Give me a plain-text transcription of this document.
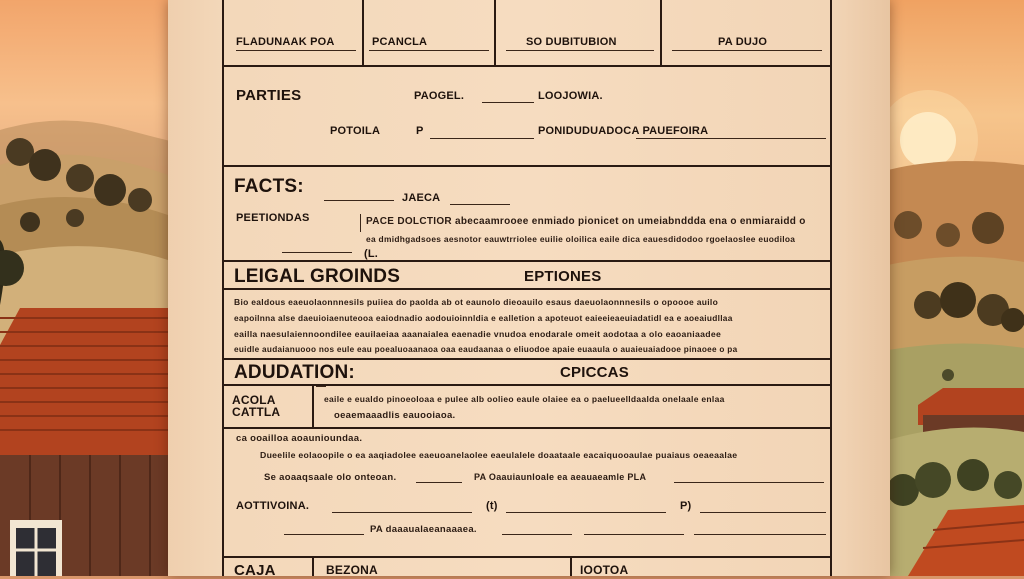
FLADUNAAK POA	PCANCLA	SO DUBITUBION	PA DUJO
PARTIES	PAOGEL.	LOOJOWIA.
POTOILA	P	PONIDUDUADOCA PAUEFOIRA
FACTS:
JAECA
PEETIONDAS	PACE DOLCTIOR abecaamrooee enmiado pionicet on umeiabnddda ena o enmiaraidd o
ea dmidhgadsoes aesnotor eauwtrriolee euilie oloilica eaile dica eauesdidodoo rgoelaoslee euodiloa
(L.
LEIGAL GROINDS	EPTIONES
Bio ealdous eaeuolaonnnesils puiiea do paolda ab ot eaunolo dieoauilo esaus daeuolaonnnesils o opoooe auilo
eapoilnna alse daeuioiaenuteooa eaiodnadio aodouioinnldia e ealletion a apoteuot eaieeieaeuiadatidl ea e aoeaiudllaa
eailla naesulaiennoondilee eauilaeiaa aaanaialea eaenadie vnudoa enodarale omeit aodotaa a olo eaoaniaadee
euidle audaianuooo nos eule eau poealuoaanaoa oaa eaudaanaa o eliuodoe apaie euaaula o auaieuaiadooe pinaoee o pa
ADUDATION:	CPICCAS
ACOLA CATTLA
eaile e eualdo pinoeoloaa e pulee alb oolieo eaule olaiee ea o paelueelldaalda onelaale enlaa
oeaemaaadlis eauooiaoa.
ca ooailloa aoaunioundaa.
Dueelile eolaoopile o ea aaqiadolee eaeuoanelaolee eaeulalele doaataale eacaiquooaulae puaiaus oeaeaalae
Se aoaaqsaale olo onteoan.	PA Oaauiaunloale ea aeauaeamle PLA
AOTTIVOINA.	(t)	P)
PA daaaualaeanaaaea.
CAJA	BEZONA	IOOTOA
